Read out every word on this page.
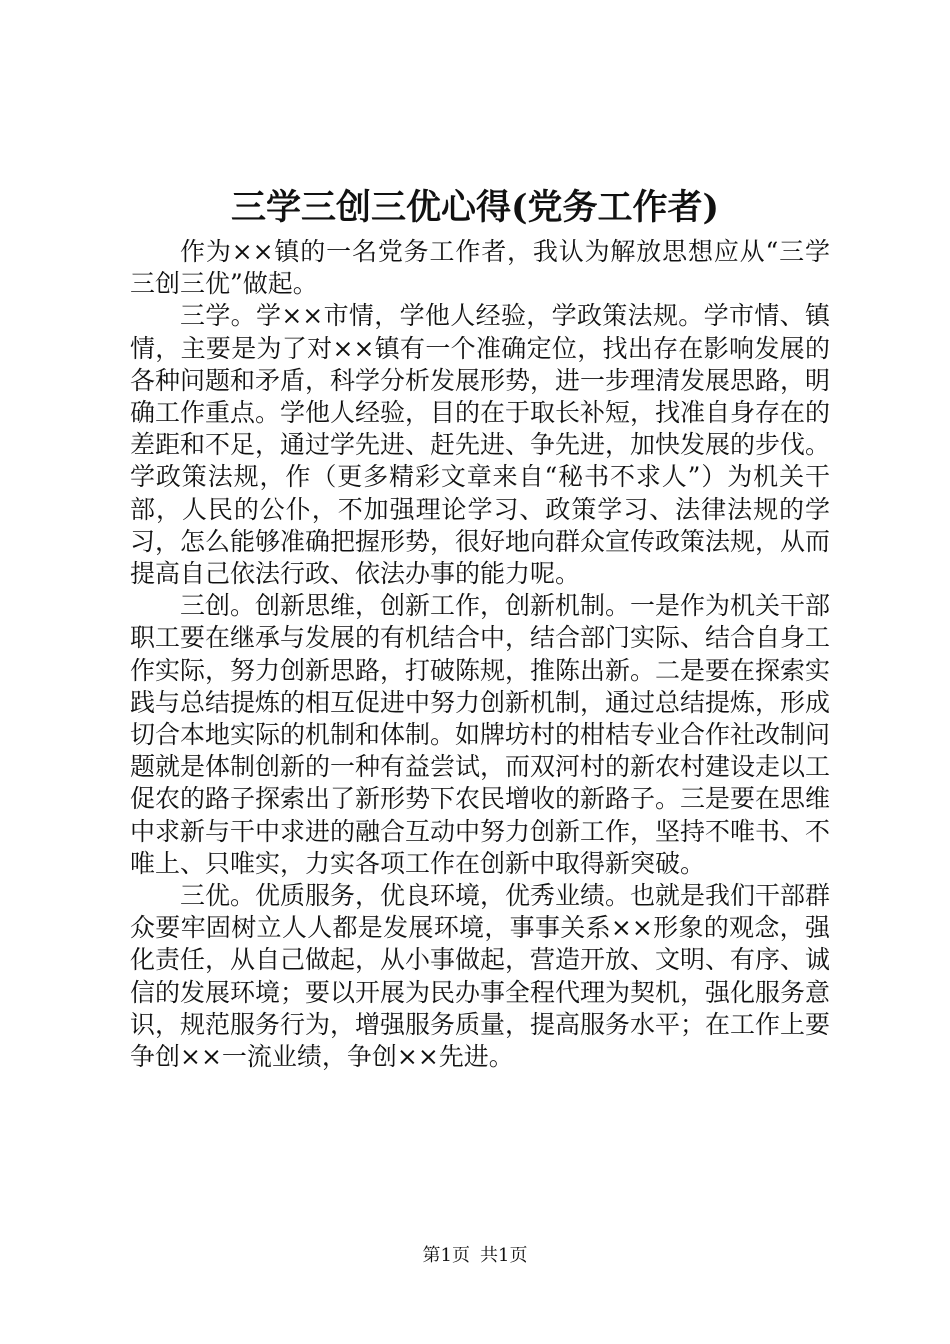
三学三创三优心得(党务工作者)

作为××镇的一名党务工作者，我认为解放思想应从“三学三创三优”做起。

三学。学××市情，学他人经验，学政策法规。学市情、镇情，主要是为了对××镇有一个准确定位，找出存在影响发展的各种问题和矛盾，科学分析发展形势，进一步理清发展思路，明确工作重点。学他人经验，目的在于取长补短，找准自身存在的差距和不足，通过学先进、赶先进、争先进，加快发展的步伐。学政策法规，作（更多精彩文章来自“秘书不求人”）为机关干部，人民的公仆，不加强理论学习、政策学习、法律法规的学习，怎么能够准确把握形势，很好地向群众宣传政策法规，从而提高自己依法行政、依法办事的能力呢。

三创。创新思维，创新工作，创新机制。一是作为机关干部职工要在继承与发展的有机结合中，结合部门实际、结合自身工作实际，努力创新思路，打破陈规，推陈出新。二是要在探索实践与总结提炼的相互促进中努力创新机制，通过总结提炼，形成切合本地实际的机制和体制。如牌坊村的柑桔专业合作社改制问题就是体制创新的一种有益尝试，而双河村的新农村建设走以工促农的路子探索出了新形势下农民增收的新路子。三是要在思维中求新与干中求进的融合互动中努力创新工作，坚持不唯书、不唯上、只唯实，力实各项工作在创新中取得新突破。

三优。优质服务，优良环境，优秀业绩。也就是我们干部群众要牢固树立人人都是发展环境，事事关系××形象的观念，强化责任，从自己做起，从小事做起，营造开放、文明、有序、诚信的发展环境；要以开展为民办事全程代理为契机，强化服务意识，规范服务行为，增强服务质量，提高服务水平；在工作上要争创××一流业绩，争创××先进。

第1页 共1页
